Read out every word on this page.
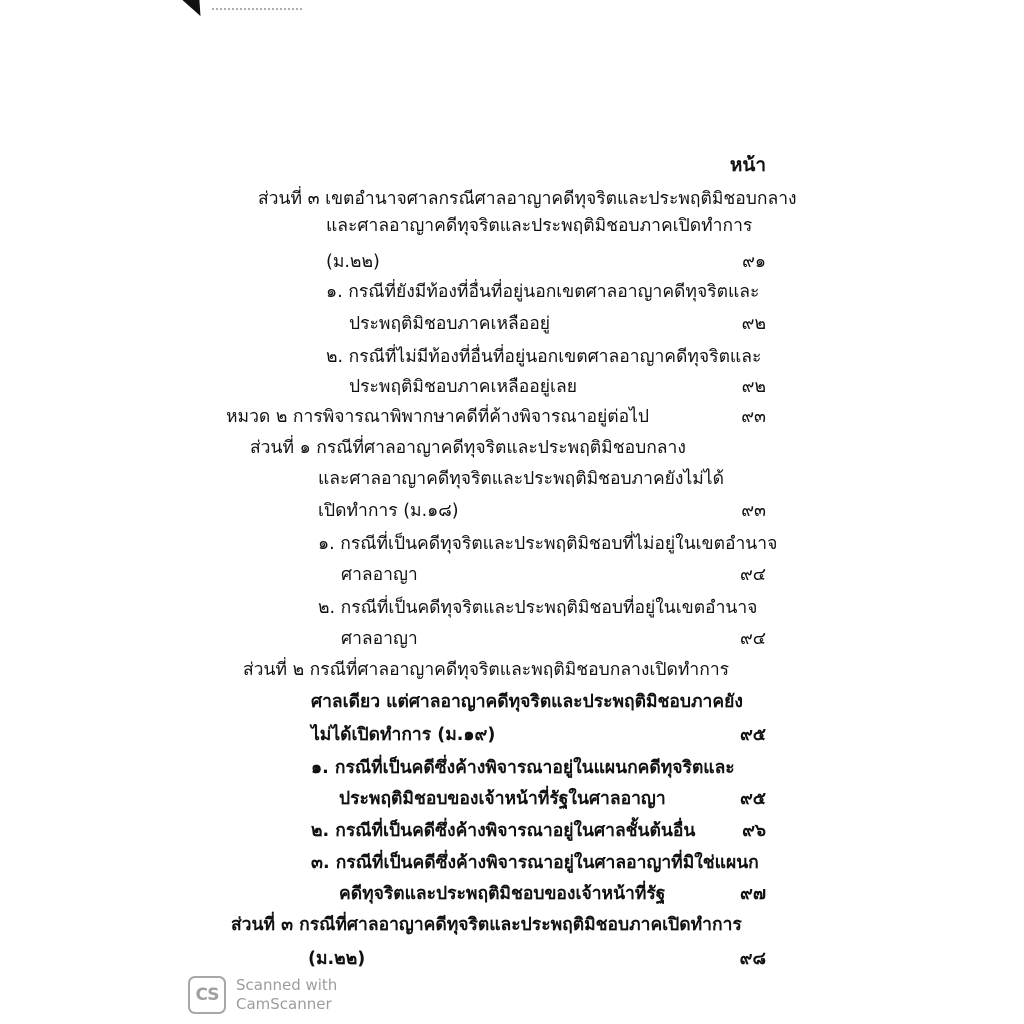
หน้า
ส่วนที่ ๓ เขตอำนาจศาลกรณีศาลอาญาคดีทุจริตและประพฤติมิชอบกลาง
และศาลอาญาคดีทุจริตและประพฤติมิชอบภาคเปิดทำการ
(ม.๒๒)	๙๑
๑. กรณีที่ยังมีท้องที่อื่นที่อยู่นอกเขตศาลอาญาคดีทุจริตและ
ประพฤติมิชอบภาคเหลืออยู่	๙๒
๒. กรณีที่ไม่มีท้องที่อื่นที่อยู่นอกเขตศาลอาญาคดีทุจริตและ
ประพฤติมิชอบภาคเหลืออยู่เลย	๙๒
หมวด ๒ การพิจารณาพิพากษาคดีที่ค้างพิจารณาอยู่ต่อไป	๙๓
ส่วนที่ ๑ กรณีที่ศาลอาญาคดีทุจริตและประพฤติมิชอบกลาง
และศาลอาญาคดีทุจริตและประพฤติมิชอบภาคยังไม่ได้
เปิดทำการ (ม.๑๘)	๙๓
๑. กรณีที่เป็นคดีทุจริตและประพฤติมิชอบที่ไม่อยู่ในเขตอำนาจ
ศาลอาญา	๙๔
๒. กรณีที่เป็นคดีทุจริตและประพฤติมิชอบที่อยู่ในเขตอำนาจ
ศาลอาญา	๙๔
ส่วนที่ ๒ กรณีที่ศาลอาญาคดีทุจริตและพฤติมิชอบกลางเปิดทำการ
ศาลเดียว แต่ศาลอาญาคดีทุจริตและประพฤติมิชอบภาคยัง
ไม่ได้เปิดทำการ (ม.๑๙)	๙๕
๑. กรณีที่เป็นคดีซึ่งค้างพิจารณาอยู่ในแผนกคดีทุจริตและ
ประพฤติมิชอบของเจ้าหน้าที่รัฐในศาลอาญา	๙๕
๒. กรณีที่เป็นคดีซึ่งค้างพิจารณาอยู่ในศาลชั้นต้นอื่น	๙๖
๓. กรณีที่เป็นคดีซึ่งค้างพิจารณาอยู่ในศาลอาญาที่มิใช่แผนก
คดีทุจริตและประพฤติมิชอบของเจ้าหน้าที่รัฐ	๙๗
ส่วนที่ ๓ กรณีที่ศาลอาญาคดีทุจริตและประพฤติมิชอบภาคเปิดทำการ
(ม.๒๒)	๙๘
CS	Scanned with
CamScanner
